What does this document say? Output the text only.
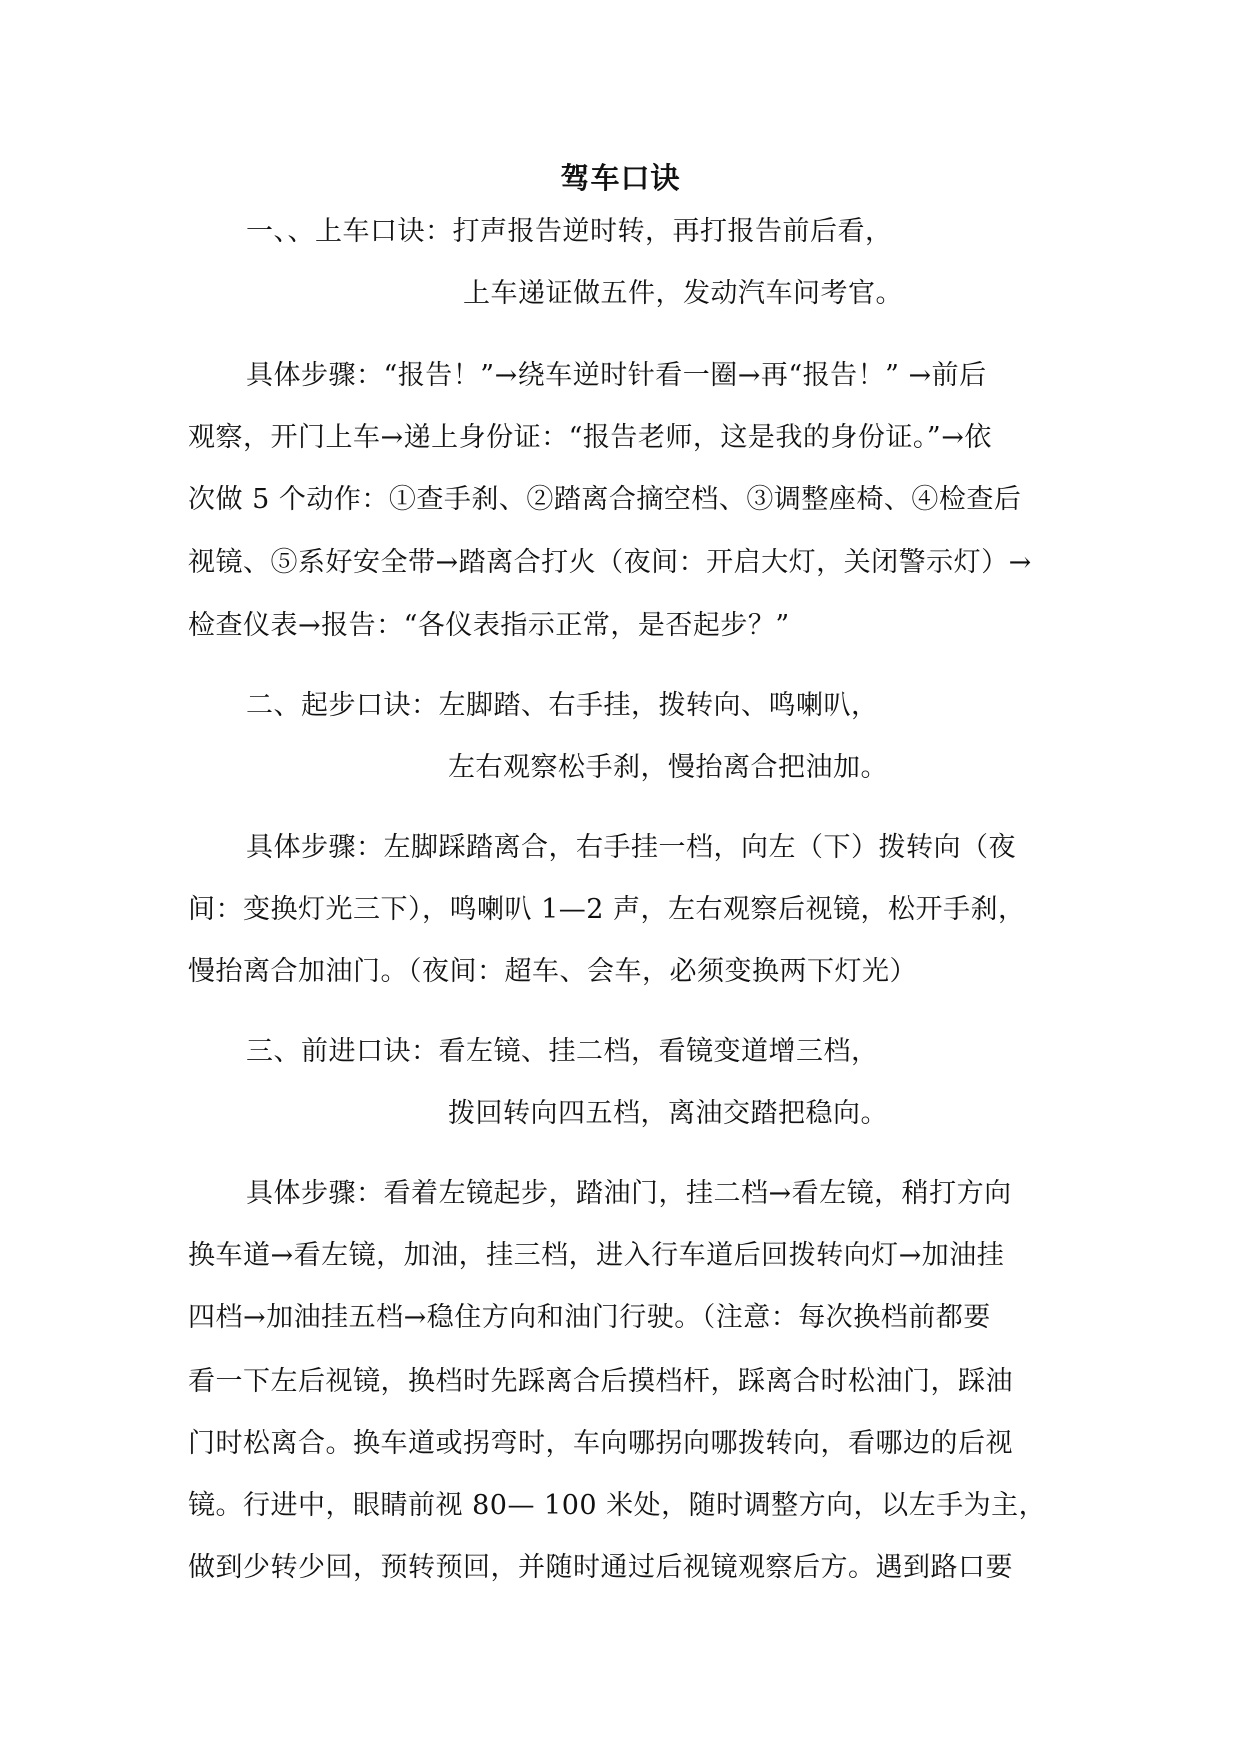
驾车口诀
一、、上车口诀：打声报告逆时转，再打报告前后看，
上车递证做五件，发动汽车问考官。
具体步骤：“报告！”→绕车逆时针看一圈→再“报告！” →前后
观察，开门上车→递上身份证：“报告老师，这是我的身份证。”→依
次做 5 个动作：①查手刹、②踏离合摘空档、③调整座椅、④检查后
视镜、⑤系好安全带→踏离合打火（夜间：开启大灯，关闭警示灯）→
检查仪表→报告：“各仪表指示正常，是否起步？”
二、起步口诀：左脚踏、右手挂，拨转向、鸣喇叭，
左右观察松手刹，慢抬离合把油加。
具体步骤：左脚踩踏离合，右手挂一档，向左（下）拨转向（夜
间：变换灯光三下），鸣喇叭 1—2 声，左右观察后视镜，松开手刹，
慢抬离合加油门。（夜间：超车、会车，必须变换两下灯光）
三、前进口诀：看左镜、挂二档，看镜变道增三档，
拨回转向四五档，离油交踏把稳向。
具体步骤：看着左镜起步，踏油门，挂二档→看左镜，稍打方向
换车道→看左镜，加油，挂三档，进入行车道后回拨转向灯→加油挂
四档→加油挂五档→稳住方向和油门行驶。（注意：每次换档前都要
看一下左后视镜，换档时先踩离合后摸档杆，踩离合时松油门，踩油
门时松离合。换车道或拐弯时，车向哪拐向哪拨转向，看哪边的后视
镜。行进中，眼睛前视 80— 100 米处，随时调整方向，以左手为主，
做到少转少回，预转预回，并随时通过后视镜观察后方。遇到路口要
